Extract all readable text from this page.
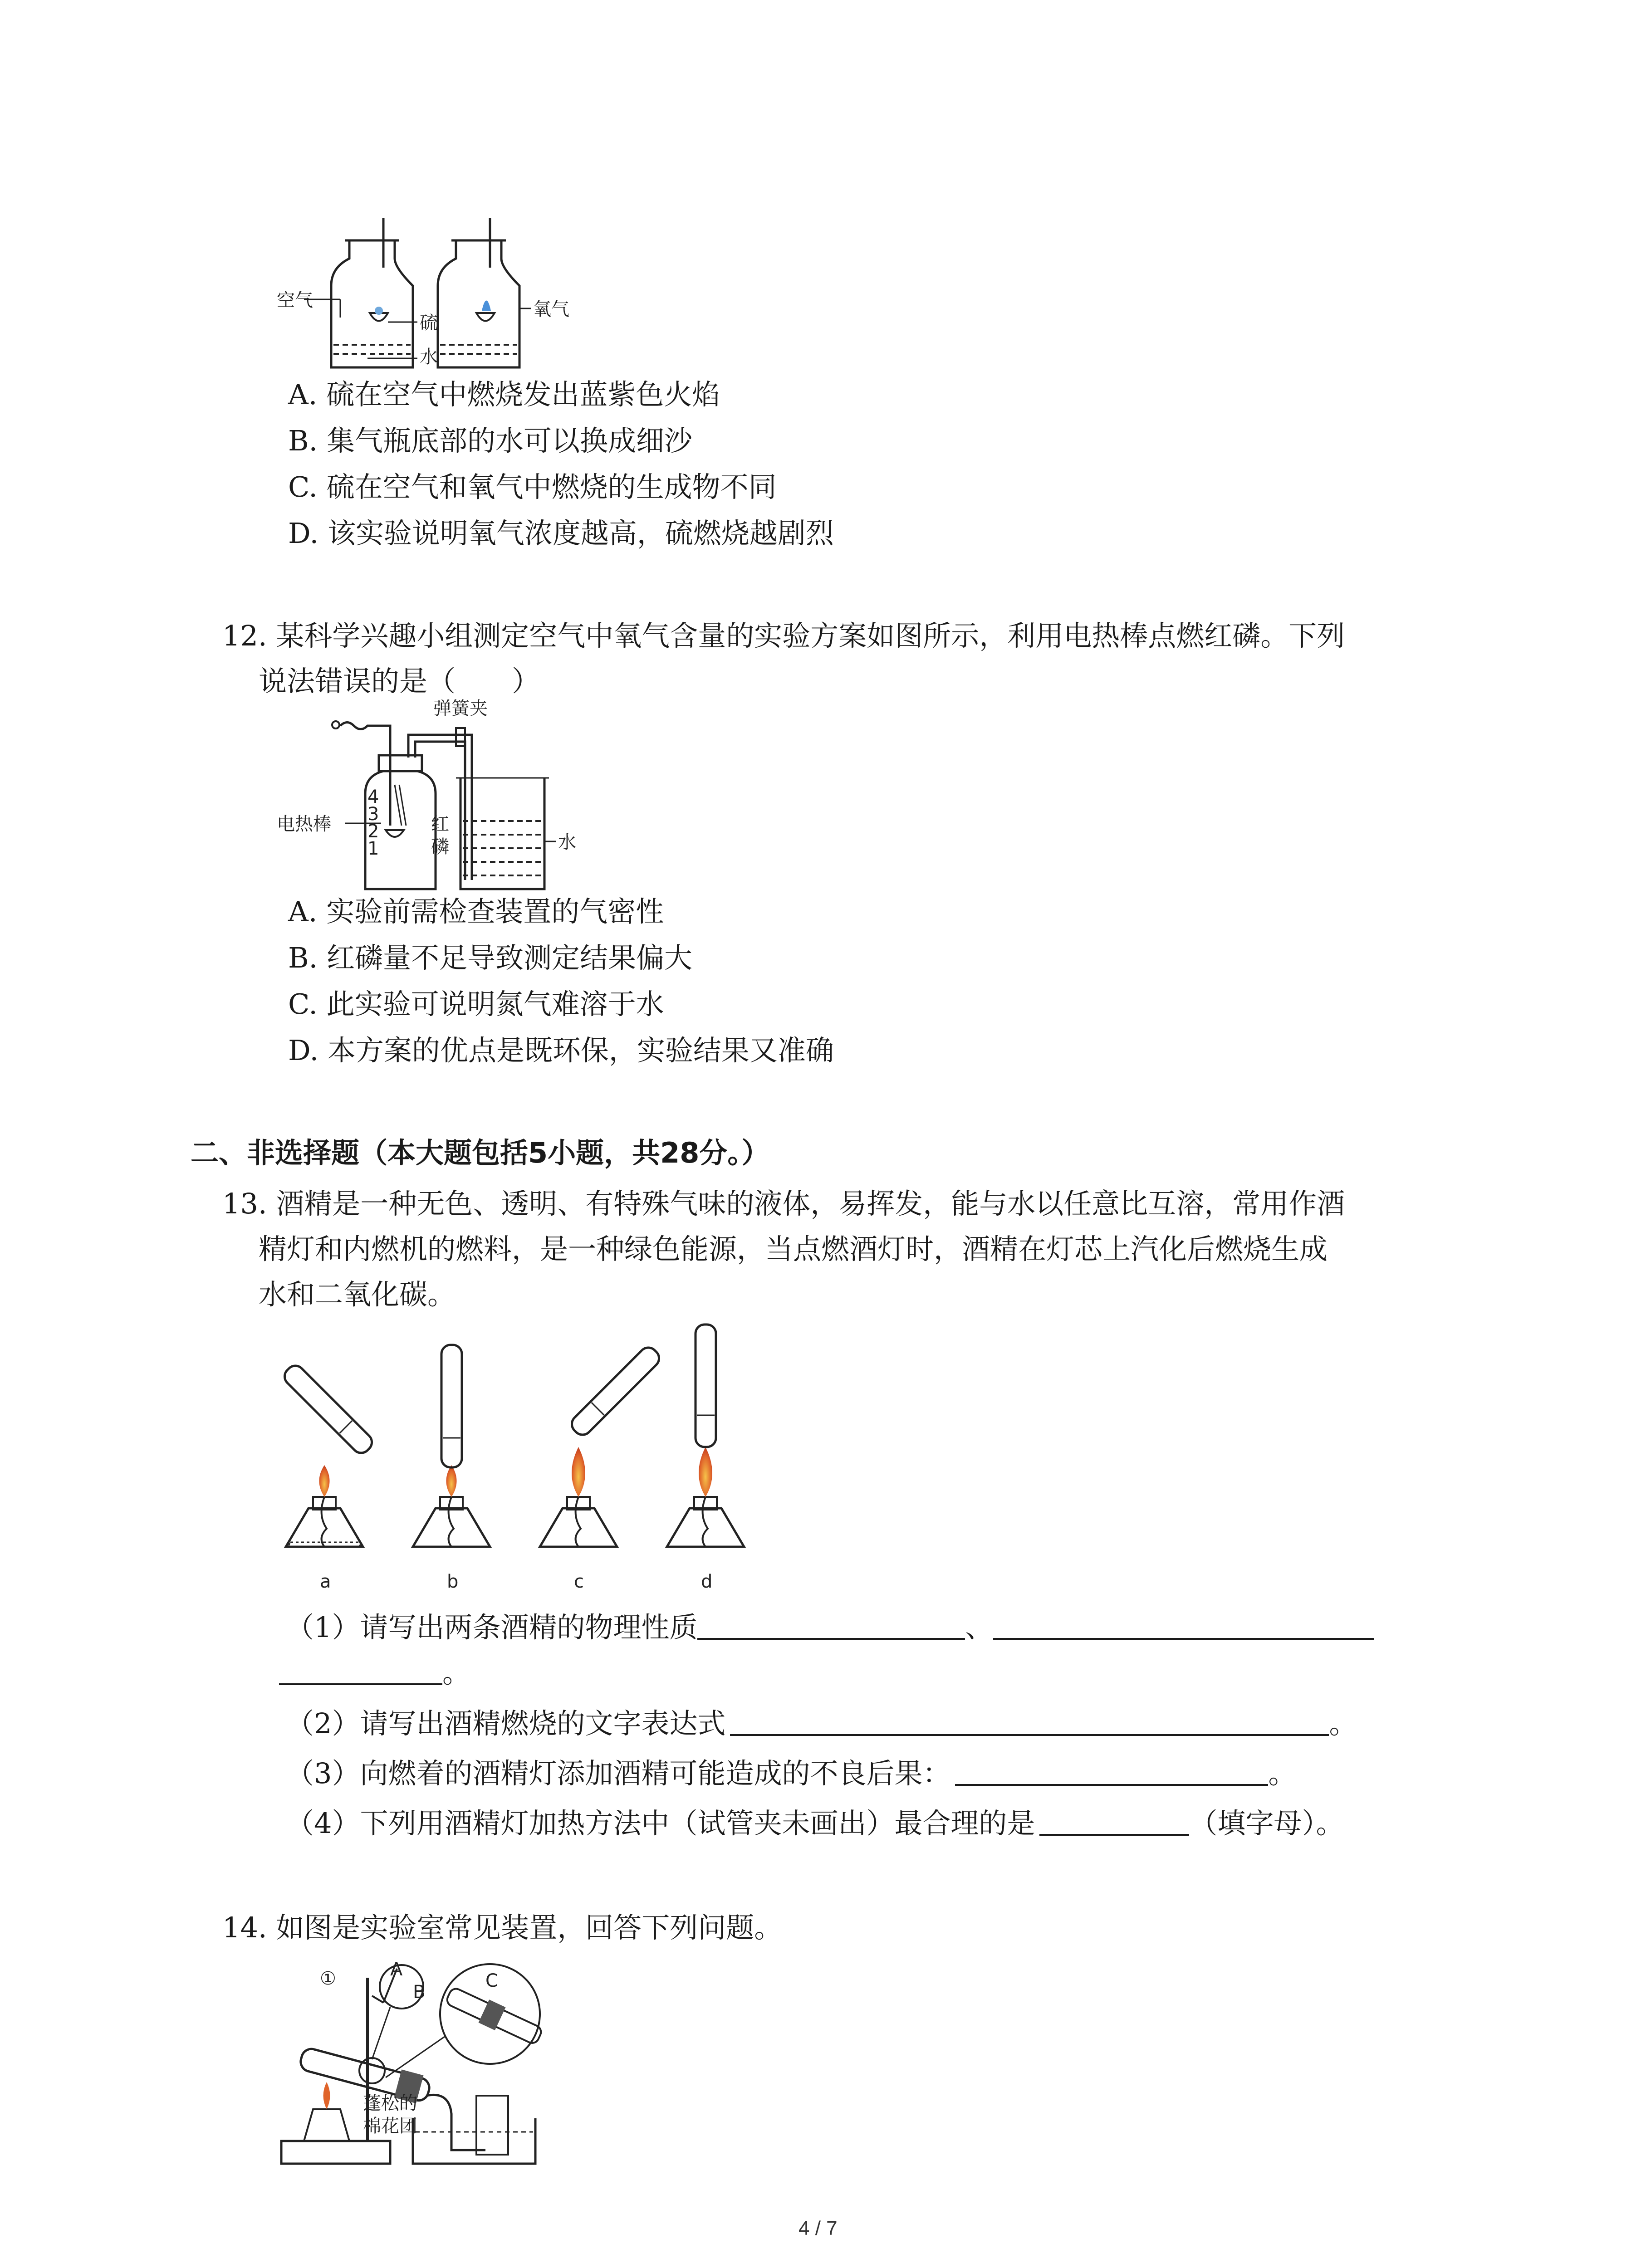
空气
硫
氧气
水
A. 硫在空气中燃烧发出蓝紫色火焰
B. 集气瓶底部的水可以换成细沙
C. 硫在空气和氧气中燃烧的生成物不同
D. 该实验说明氧气浓度越高，硫燃烧越剧烈
12. 某科学兴趣小组测定空气中氧气含量的实验方案如图所示，利用电热棒点燃红磷。下列
说法错误的是（　　）
弹簧夹
电热棒	红
磷	水
4
3
2
1
A. 实验前需检查装置的气密性
B. 红磷量不足导致测定结果偏大
C. 此实验可说明氮气难溶于水
D. 本方案的优点是既环保，实验结果又准确
二、非选择题（本大题包括5小题，共28分。）
13. 酒精是一种无色、透明、有特殊气味的液体，易挥发，能与水以任意比互溶，常用作酒
精灯和内燃机的燃料，是一种绿色能源，当点燃酒灯时，酒精在灯芯上汽化后燃烧生成
水和二氧化碳。
a	b	c	d
（1）请写出两条酒精的物理性质	、
。
（2）请写出酒精燃烧的文字表达式	。
（3）向燃着的酒精灯添加酒精可能造成的不良后果：	。
（4）下列用酒精灯加热方法中（试管夹未画出）最合理的是	（填字母）。
14. 如图是实验室常见装置，回答下列问题。
①	A
B
C
蓬松的
棉花团
4 / 7
